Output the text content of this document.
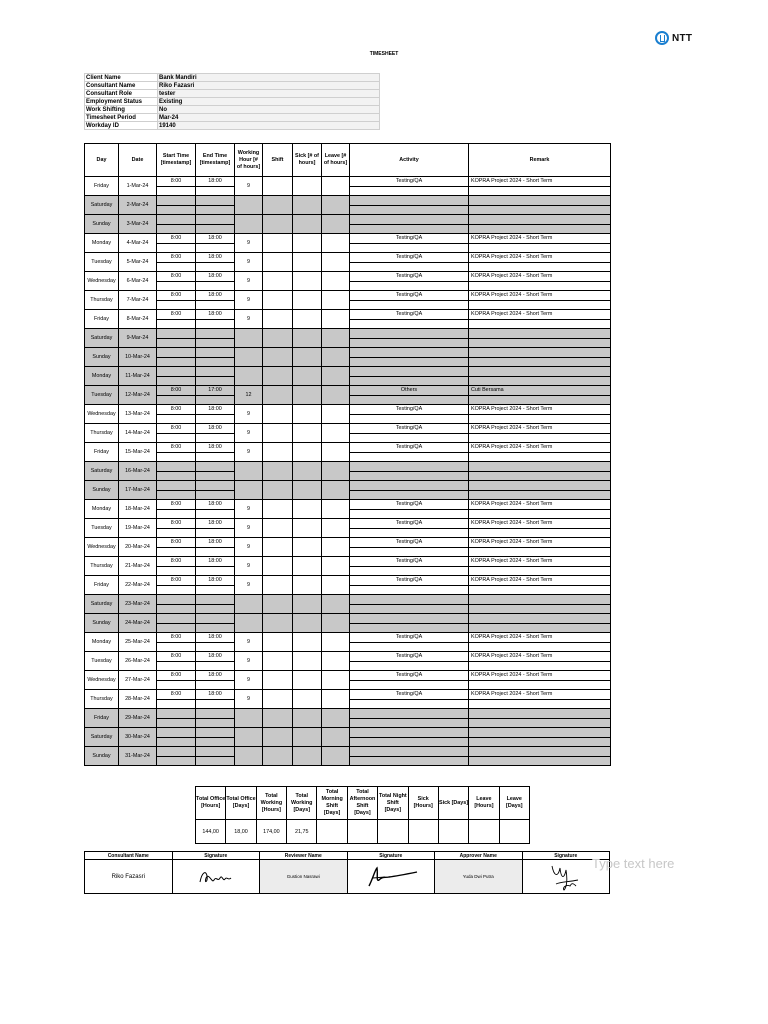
NTT
TIMESHEET
Client Name	Bank Mandiri
Consultant Name	Riko Fazasri
Consultant Role	tester
Employment Status	Existing
Work Shifting	No
Timesheet Period	Mar-24
Workday ID	19140
Day	Date	Start Time [timestamp]	End Time [timestamp]	Working Hour [# of hours]	Shift	Sick [# of hours]	Leave [# of hours]	Activity	Remark
Friday	1-Mar-24	8:00	18:00	9				Testing/QA	KOPRA Project 2024 - Short Term
Saturday	2-Mar-24								
Sunday	3-Mar-24								
Monday	4-Mar-24	8:00	18:00	9				Testing/QA	KOPRA Project 2024 - Short Term
Tuesday	5-Mar-24	8:00	18:00	9				Testing/QA	KOPRA Project 2024 - Short Term
Wednesday	6-Mar-24	8:00	18:00	9				Testing/QA	KOPRA Project 2024 - Short Term
Thursday	7-Mar-24	8:00	18:00	9				Testing/QA	KOPRA Project 2024 - Short Term
Friday	8-Mar-24	8:00	18:00	9				Testing/QA	KOPRA Project 2024 - Short Term
Saturday	9-Mar-24								
Sunday	10-Mar-24								
Monday	11-Mar-24								
Tuesday	12-Mar-24	8:00	17:00	12				Others	Cuti Bersama
Wednesday	13-Mar-24	8:00	18:00	9				Testing/QA	KOPRA Project 2024 - Short Term
Thursday	14-Mar-24	8:00	18:00	9				Testing/QA	KOPRA Project 2024 - Short Term
Friday	15-Mar-24	8:00	18:00	9				Testing/QA	KOPRA Project 2024 - Short Term
Saturday	16-Mar-24								
Sunday	17-Mar-24								
Monday	18-Mar-24	8:00	18:00	9				Testing/QA	KOPRA Project 2024 - Short Term
Tuesday	19-Mar-24	8:00	18:00	9				Testing/QA	KOPRA Project 2024 - Short Term
Wednesday	20-Mar-24	8:00	18:00	9				Testing/QA	KOPRA Project 2024 - Short Term
Thursday	21-Mar-24	8:00	18:00	9				Testing/QA	KOPRA Project 2024 - Short Term
Friday	22-Mar-24	8:00	18:00	9				Testing/QA	KOPRA Project 2024 - Short Term
Saturday	23-Mar-24								
Sunday	24-Mar-24								
Monday	25-Mar-24	8:00	18:00	9				Testing/QA	KOPRA Project 2024 - Short Term
Tuesday	26-Mar-24	8:00	18:00	9				Testing/QA	KOPRA Project 2024 - Short Term
Wednesday	27-Mar-24	8:00	18:00	9				Testing/QA	KOPRA Project 2024 - Short Term
Thursday	28-Mar-24	8:00	18:00	9				Testing/QA	KOPRA Project 2024 - Short Term
Friday	29-Mar-24								
Saturday	30-Mar-24								
Sunday	31-Mar-24								
Total Office [Hours]	Total Office [Days]	Total Working [Hours]	Total Working [Days]	Total Morning Shift [Days]	Total Afternoon Shift [Days]	Total Night Shift [Days]	Sick [Hours]	Sick [Days]	Leave [Hours]	Leave [Days]
144,00	18,00	174,00	21,75							
Consultant Name	Signature	Reviewer Name	Signature	Approver Name	Signature
Riko Fazasri		Gustion Nasrawi		Yuda Dwi Putra	
Type text here
